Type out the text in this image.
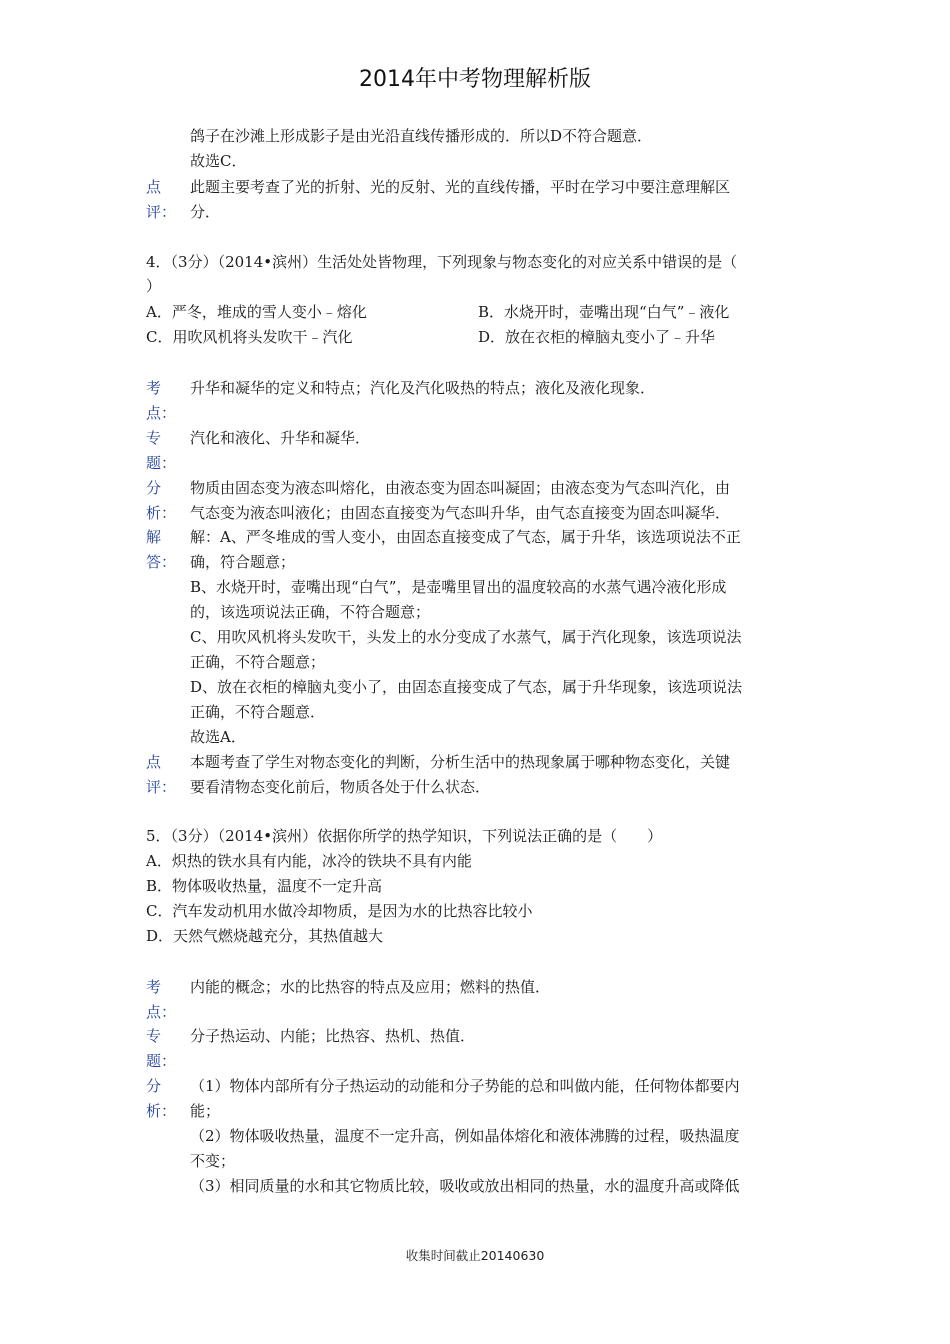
2014年中考物理解析版
鸽子在沙滩上形成影子是由光沿直线传播形成的．所以D不符合题意．
故选C．
点
评：
此题主要考查了光的折射、光的反射、光的直线传播，平时在学习中要注意理解区
分．
4．（3分）（2014•滨州）生活处处皆物理，下列现象与物态变化的对应关系中错误的是（
）
A．严冬，堆成的雪人变小﹣熔化	B．水烧开时，壶嘴出现“白气”﹣液化
C．用吹风机将头发吹干﹣汽化	D．放在衣柜的樟脑丸变小了﹣升华
考
点：
升华和凝华的定义和特点；汽化及汽化吸热的特点；液化及液化现象．
专
题：
汽化和液化、升华和凝华．
分
析：
物质由固态变为液态叫熔化，由液态变为固态叫凝固；由液态变为气态叫汽化，由
气态变为液态叫液化；由固态直接变为气态叫升华，由气态直接变为固态叫凝华．
解
答：
解：A、严冬堆成的雪人变小，由固态直接变成了气态，属于升华，该选项说法不正
确，符合题意；
B、水烧开时，壶嘴出现“白气”，是壶嘴里冒出的温度较高的水蒸气遇冷液化形成
的，该选项说法正确，不符合题意；
C、用吹风机将头发吹干，头发上的水分变成了水蒸气，属于汽化现象，该选项说法
正确，不符合题意；
D、放在衣柜的樟脑丸变小了，由固态直接变成了气态，属于升华现象，该选项说法
正确，不符合题意．
故选A．
点
评：
本题考查了学生对物态变化的判断，分析生活中的热现象属于哪种物态变化，关键
要看清物态变化前后，物质各处于什么状态．
5．（3分）（2014•滨州）依据你所学的热学知识，下列说法正确的是（　　）
A．炽热的铁水具有内能，冰冷的铁块不具有内能
B．物体吸收热量，温度不一定升高
C．汽车发动机用水做冷却物质，是因为水的比热容比较小
D．天然气燃烧越充分，其热值越大
考
点：
内能的概念；水的比热容的特点及应用；燃料的热值．
专
题：
分子热运动、内能；比热容、热机、热值．
分
析：
（1）物体内部所有分子热运动的动能和分子势能的总和叫做内能，任何物体都要内
能；
（2）物体吸收热量，温度不一定升高，例如晶体熔化和液体沸腾的过程，吸热温度
不变；
（3）相同质量的水和其它物质比较，吸收或放出相同的热量，水的温度升高或降低
收集时间截止20140630
